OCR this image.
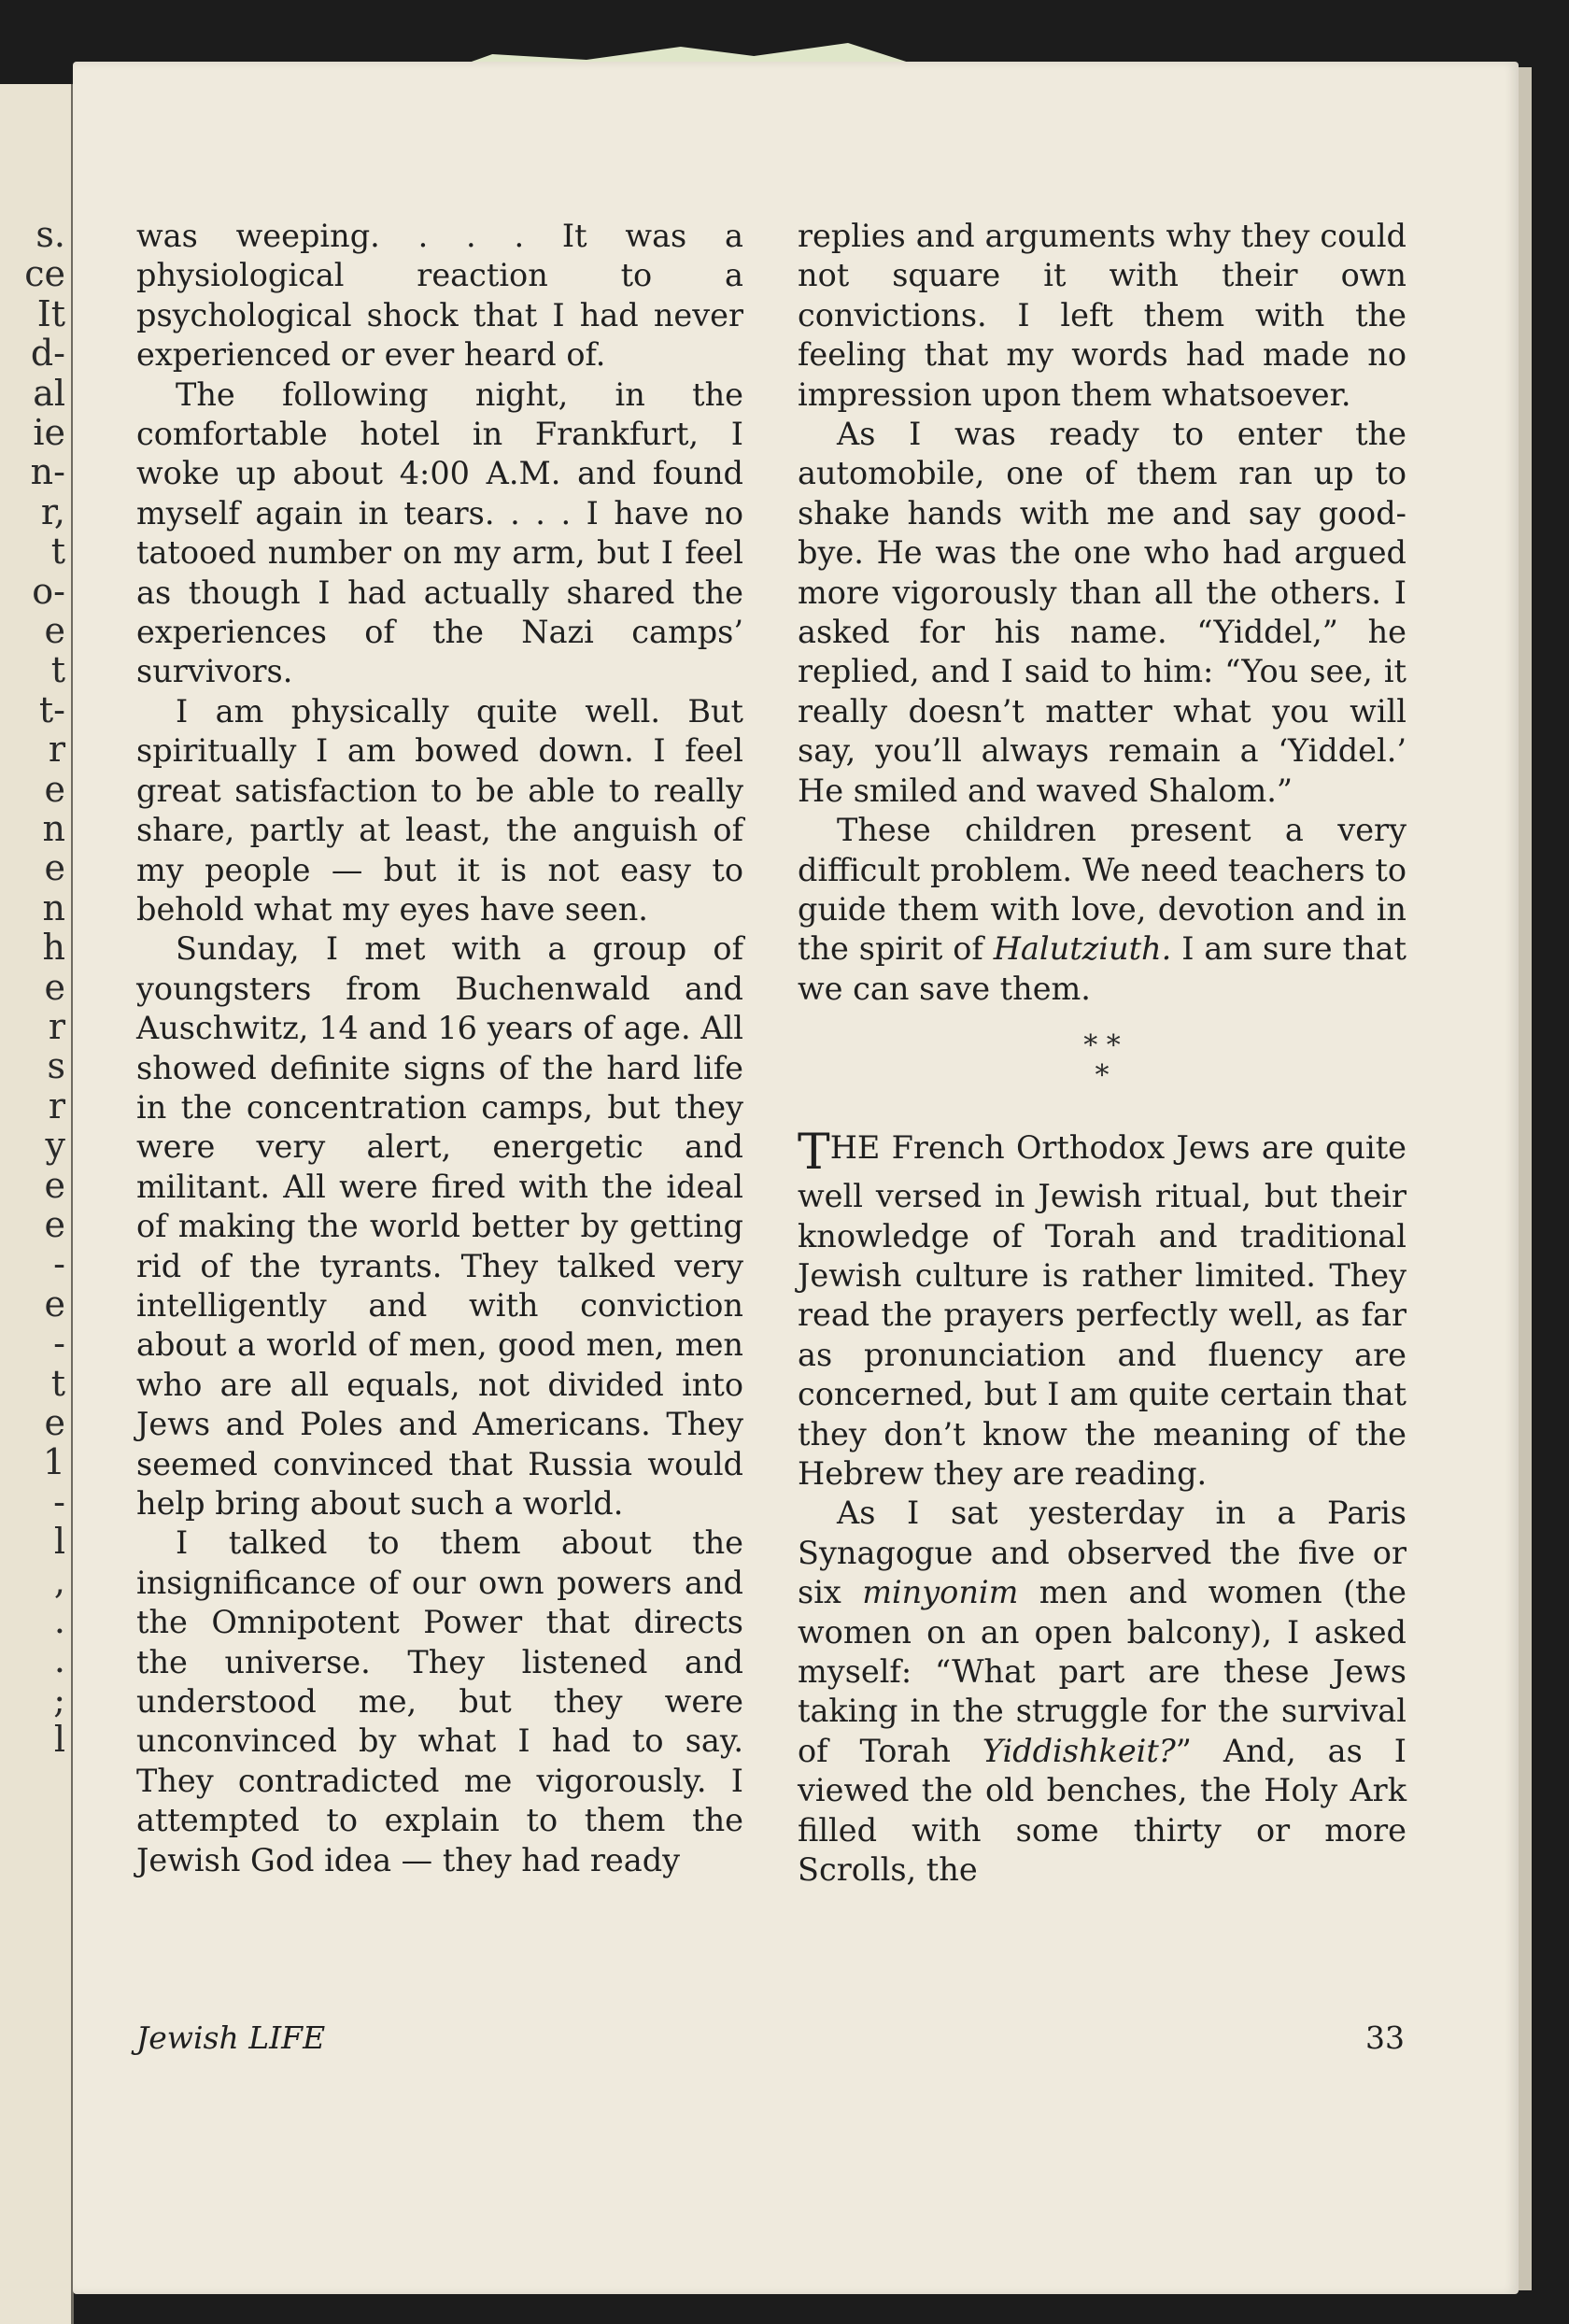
s.
ce
It
d-
al
ie
n-
r,
t
o-
e
t
t-
r
e
n
e
n
h
e
r
s
r
y
e
e
-
e
-
t
e
1
-
l
,
.
.
;
l

was weeping. . . . It was a physiological reaction to a psychological shock that I had never experienced or ever heard of.

The following night, in the comfortable hotel in Frankfurt, I woke up about 4:00 A.M. and found myself again in tears. . . . I have no tatooed number on my arm, but I feel as though I had actually shared the experiences of the Nazi camps’ survivors.

I am physically quite well. But spiritually I am bowed down. I feel great satisfaction to be able to really share, partly at least, the anguish of my people — but it is not easy to behold what my eyes have seen.

Sunday, I met with a group of youngsters from Buchenwald and Auschwitz, 14 and 16 years of age. All showed definite signs of the hard life in the concentration camps, but they were very alert, energetic and militant. All were fired with the ideal of making the world better by getting rid of the tyrants. They talked very intelligently and with conviction about a world of men, good men, men who are all equals, not divided into Jews and Poles and Americans. They seemed convinced that Russia would help bring about such a world.

I talked to them about the insignificance of our own powers and the Omnipotent Power that directs the universe. They listened and understood me, but they were unconvinced by what I had to say. They contradicted me vigorously. I attempted to explain to them the Jewish God idea — they had ready

replies and arguments why they could not square it with their own convictions. I left them with the feeling that my words had made no impression upon them whatsoever.

As I was ready to enter the automobile, one of them ran up to shake hands with me and say good-bye. He was the one who had argued more vigorously than all the others. I asked for his name. “Yiddel,” he replied, and I said to him: “You see, it really doesn’t matter what you will say, you’ll always remain a ‘Yiddel.’ He smiled and waved Shalom.”

These children present a very difficult problem. We need teachers to guide them with love, devotion and in the spirit of Halutziuth. I am sure that we can save them.

* *
*

THE French Orthodox Jews are quite well versed in Jewish ritual, but their knowledge of Torah and traditional Jewish culture is rather limited. They read the prayers perfectly well, as far as pronunciation and fluency are concerned, but I am quite certain that they don’t know the meaning of the Hebrew they are reading.

As I sat yesterday in a Paris Synagogue and observed the five or six minyonim men and women (the women on an open balcony), I asked myself: “What part are these Jews taking in the struggle for the survival of Torah Yiddishkeit?” And, as I viewed the old benches, the Holy Ark filled with some thirty or more Scrolls, the

Jewish LIFE	33
